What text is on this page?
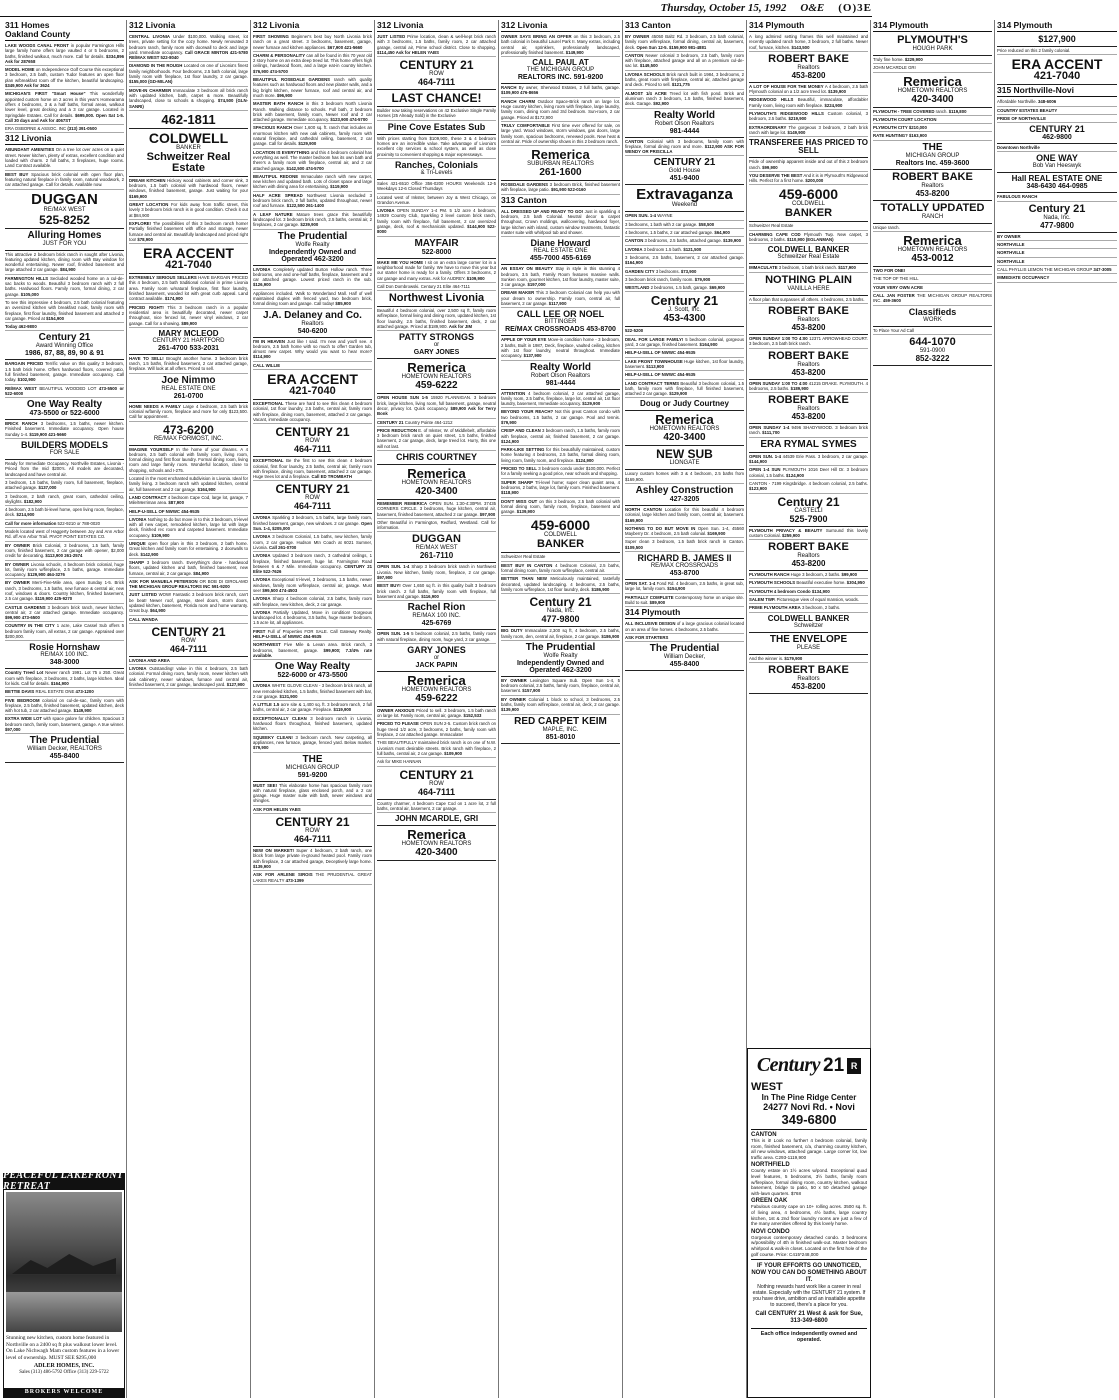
Thursday, October 15, 1992 O&E (O)3E
311 Homes
Oakland County
LAKE WOODS CANAL FRONT in popular Farmington Hills large family home offers large vaulted 4 or 5 bedrooms, 2 baths, finished walkout, much more. Call for details. $334,896 Ask for 287658
MODEL HOME on Independence Golf Course this exceptional 3 bedroom, 2.5 bath, custom Tudor features an open floor plan w/breakfast room off the kitchen, beautiful landscaping. $349,900 Ask for 3624
MICHIGAN'S FIRST "Smart House" This wonderfully appointed custom home on 2 acres in this year's Homearama offers 4 bedrooms, 3 & a half baths, formal areas, walkout lower level, great decking and a 3 car garage. Located in Springdale Estates. Call for details. $695,000. Open Sat 1-5. Call 30 days and Ask for 4067ST
ERA OSBORNE & ASSOC. INC (313) 391-0500
312 Livonia
ABUNDANT AMENITIES On a tree lot over acres on a quiet street. Newer kitchen, plenty of extras, excellent condition and loaded with charm. 2 full baths, 3 fireplaces, huge rooms. Land Contract available.
BEST BUY Spacious brick colonial with open floor plan, featuring natural fireplace in family room, natural woodwork, 2 car attached garage. Call for details. Available now.
DUGGAN
RE/MAX WEST
525-8252
Alluring Homes
JUST FOR YOU
This attractive 2 bedroom brick ranch in sought after Livonia, featuring updated kitchen, dining room with Bay window for wonderful entertaining. Newer roof, finished basement and large attached 2 car garage. $84,900
FARMINGTON HILLS Secluded wooded home on a cul-de-sac backs to woods. Beautiful 3 bedroom ranch with 2 full baths. Hardwood floors. Family room, formal dining, 2 car garage. $105,000
To see this impressive 4 bedroom, 2.5 bath colonial featuring an oversized kitchen with breakfast nook, family room with fireplace, first floor laundry, finished basement and attached 2 car garage. Priced at $154,900
Today 462-9800
Century 21
Award Winning Office
1986, 87, 88, 89, 90 & 91
BARGAIN PRICED Terrific value on this quality 3 bedroom, 1.5 bath brick home. Offers hardwood floors, covered patio, full finished basement, garage. Immediate occupancy. Call today. $102,900
RE/MAX WEST BEAUTIFUL WOODED LOT 473-5500 or 522-6000
One Way Realty
473-5500 or 522-6000
BRICK RANCH 3 bedrooms, 1.5 baths, newer kitchen. Finished basement. Immediate occupancy. Open house Sunday 1-4. $119,900 421-5660
BUILDERS MODELS
FOR SALE
Ready for Immediate Occupancy. Northville Estates, Livonia - Priced from the mid $200's. All models are decorated, landscaped and have central air.
3 bedroom, 1.5 baths, family room, full basement, fireplace, attached garage. $137,000
3 bedroom, 2 bath ranch, great room, cathedral ceiling, skylights. $182,900
4 bedroom, 2.5 bath bi-level home, open living room, fireplace, deck. $214,900
Call for more information 522-9210 or 788-0020
Models located west of Haggerty between Joy and Ann Arbor Rd. off Ann Arbor Trail. PIVOT POINT ESTATES CO.
BY OWNER Brick Colonial, 3 bedrooms, 1.5 bath, family room, finished basement, 2 car garage with opener, $2,000 credit for decorating. $113,900 261-2574
BY OWNER Livonia schools, 4 bedroom brick colonial, huge lot, family room w/fireplace, 2.5 baths, garage. Immediate occupancy. $129,900 464-3276
BY OWNER Merri-Five-Mile area, open Sunday 1-5. Brick ranch, 3 bedrooms, 1.5 baths, new furnace & central air, new roof, windows & doors. Country kitchen, finished basement, 2.5 car garage. $119,900 425-9270
CASTLE GARDENS 3 bedroom brick ranch, newer kitchen, central air, 2 car attached garage. Immediate occupancy. $99,900 473-6500
COUNTRY IN THE CITY 1 acre, Lake Cassel Sub offers 5 bedroom family room, all extras, 2 car garage. Appraised over $200,000.
Rosie Hornshaw
RE/MAX 100 INC.
348-3000
Country Treed Lot Newer ranch 1991. Lot 75 x 250. Great room with fireplace, 3 bedrooms, 2 baths, large kitchen. Ideal for kids. Call for details. $164,900
BETTIE DAVIS REAL ESTATE ONE 473-1200
FIVE BEDROOM colonial on cul-de-sac, family room with fireplace, 2.5 baths, finished basement, updated kitchen, deck with hot tub, 2 car attached garage. $149,900
EXTRA WIDE LOT with space galore for children. Spacious 3 bedroom ranch, family room, basement, garage. A true winner. $97,000
The Prudential
William Decker, REALTORS
455-8400
312 Livonia
CENTRAL LIVONIA Under $100,000. Walking street, lot trees, private setting for the cozy home. Newly renovated 3 bedroom ranch, family room with doorwall to deck and large yard. Immediate occupancy. Call GRACE MINTON 421-5780 RE/MAX WEST 522-8040
DIAMOND IN THE ROUGH Located on one of Livonia's finest family neighborhoods. Four bedrooms, 2.5 bath colonial, large family room with fireplace, 1st floor laundry, 2 car garage. $155,000 (GD-MILAN)
MOVE-IN CHARMER Immaculate 3 bedroom all brick ranch with updated kitchen, bath, carpet & more. Beautifully landscaped, close to schools & shopping. $74,500 (GLN-SANRI)
462-1811
COLDWELL
BANKER
Schweitzer Real Estate
DREAM KITCHEN Hickory wood cabinets and corner sink, 3 bedroom, 1.5 bath colonial with hardwood floors, newer windows, finished basement, garage. Just waiting for you! $169,900
GREAT LOCATION For kids away from traffic street, this lovely 3 bedroom brick ranch is in good condition. Check it out at $84,900
EXPLORE! The possibilities of this 3 bedroom ranch home! Partially finished basement with office and storage, newer furnace and central air. Beautifully landscaped and priced right too! $78,900
ERA ACCENT
421-7040
EXTREMELY SERIOUS SELLERS HAVE BARGAIN PRICED this 4 bedroom, 2.5 bath traditional colonial in prime Livonia area. Family room w/natural fireplace, first floor laundry, finished basement, wooded lot with great curb appeal. Land contract available. $174,900
PRICED RIGHT! This 3 bedroom ranch in a popular residential area is beautifully decorated, newer carpet throughout, nice fenced lot, newer vinyl windows, 2 car garage. Call for a showing. $89,900
MARY MCLEOD
CENTURY 21 HARTFORD
261-4700 533-2031
HAVE TO SELL! Brought another home. 3 bedroom brick ranch, 1.5 baths, finished basement, 2 car attached garage, fireplace. Will look at all offers. Priced to sell.
Joe Nimmo
REAL ESTATE ONE
261-0700
HOME NEEDS A FAMILY Large 4 bedroom, 2.5 bath brick colonial w/family room, fireplace and more for only $123,500. Call for appointment.
473-6200
RE/MAX FORMOST, INC.
IMAGINE YOURSELF In the home of your dreams. A 4 bedroom, 2.5 bath colonial with family room, living room, formal dining and first floor laundry. Formal dining room, living room and large family room. Wonderful location, close to shopping, schools and I-275.
Located in the most enchanted subdivision in Livonia. Ideal for family living. 3 bedroom ranch with updated kitchen, central air, full basement and 2 car garage. $164,900
LAND CONTRACT 4 bedroom Cape Cod, large lot, garage, 7 Mile/Merriman area. $87,900
HELP-U-SELL OF NWWC 454-9535
LIVONIA Nothing to do but move in to this 3 bedroom, tri-level with all new carpet, remodeled kitchen, large lot with large deck, finished rec room and carpeted basement. Immediate occupancy. $109,900
UNIQUE open floor plan in this 3 bedroom, 2 bath home. Great kitchen and family room for entertaining. 2 doorwalls to deck. $142,900
SHARP 3 bedroom ranch. Everything's done - hardwood floors, updated kitchen and bath, finished basement, new furnace, central air, 2 car garage. $84,900
ASK FOR MANUELA PETERSON OR BOB DI GIROLAMO THE MICHIGAN GROUP REALTORS INC 591-9200
JUST LISTED WOW! Fantastic 3 bedroom brick ranch, can't be beat! Newer roof, garage, steel doors, storm doors, updated kitchen, basement, Florida room and home warranty. Great buy. $64,900
CALL WANDA
CENTURY 21
ROW
464-7111
LIVONIA AND AREA
LIVONIA Outstanding! value in this 4 bedroom, 2.5 bath colonial. Formal dining room, family room, newer kitchen with oak cabinetry, newer windows, furnace and central air, finished basement, 2 car garage, landscaped yard. $127,900
312 Livonia
FIRST SHOWING Beginner's best buy North Livonia brick ranch on a great street. 3 bedrooms, basement, garage, newer furnace and kitchen appliances. $67,900 421-5660
CHARM & PERSONALITY can all be found in this 70 year old 2 story home on an extra deep treed lot. This home offers high ceilings, hardwood floors, and a large eat-in country kitchen. $76,900 474-5700
BEAUTIFUL ROSEDALE GARDENS ranch with quality features such as hardwood floors and new plaster walls, and a big bright kitchen, newer furnace, roof and central air, and much more. $96,900
MASTER BATH RANCH in this 3 bedroom North Livonia Ranch. Walking distance to schools. Full bath, 2 bedroom brick with basement, family room, Newer roof and 2 car attached garage. Immediate occupancy. $123,900 474-5700
SPACIOUS RANCH Over 1,600 sq. ft. ranch that includes an enormous kitchen with new oak cabinets, family room with natural fireplace, and cathedral ceiling, basement, 2 car garage. Call for details. $129,900
LOCATION IS EVERYTHING and this 4 bedroom colonial has everything as well. The master bedroom has its own bath and there's a family room with fireplace, central air, and 2 car attached garage. $142,500 474-5700
BEAUTIFUL REDONE Immaculate ranch with new carpet, new kitchen and updated bath. Lots of closet space and large kitchen with dining area for entertaining. $119,900
HALF ACRE SPREAD Northwest Livonia secluded 3 bedroom brick ranch, 2 full baths, updated throughout, newer roof and furnace. $122,500 261-1400
A LEAF NATURE Mature trees grace this beautifully landscaped lot. 3 bedroom brick ranch, 2.5 baths, central air, 2 fireplaces, 2 car garage. $239,900
The Prudential
Wolfe Realty
Independently Owned and Operated 462-3200
LIVONIA Completely updated Burton Hollow ranch. Three bedrooms, one and one-half baths, fireplace, basement and 2 car attached garage. Lowest priced ranch in the sub. $126,900
Appliances included. Walk to Wonderland Mall. Half of well maintained duplex with fenced yard, two bedroom brick, formal dining room and garage. Call today! $85,900
J.A. Delaney and Co.
Realtors
540-6200
I'M IN HEAVEN Just like I said. I'm new and you'll see. 4 bedroom, 2.5 bath home with so much to offer! Garden tub, almost new carpet. Why would you want to hear more? $114,900
CALL WILLIE
ERA ACCENT
421-7040
EXCEPTIONAL These are hard to see this clean 4 bedroom colonial, 1st floor laundry, 2.5 baths, central air, family room with fireplace, dining room, basement, attached 2 car garage. Vacant, immediate occupancy.
CENTURY 21
ROW
464-7111
EXCEPTIONAL Be the first to see this clean 4 bedroom colonial, first floor laundry, 2.5 baths, central air, family room with fireplace, dining room, basement, attached 2 car garage. Huge trees lot and a fireplace. Call ED TROMBATH
CENTURY 21
ROW
464-7111
LIVONIA Sparkling 3 bedroom, 1.5 baths, large family room, finished basement, garage, new windows. 2 car garage. Open Sun. 1-4, $205,000
LIVONIA 3 bedroom Colonial, 1.5 baths, new kitchen, family room, 2 car garage. Hudson Mtn Coach at 6021 Sumner, Livonia. Call 261-0700
LIVONIA Updated 3 bedroom ranch, 3 cathedral ceilings, 1 fireplace, finished basement, huge lot. Farmington Road between 6 & 7 Mile. Immediate occupancy. CENTURY 21 Elite 522-7626
LIVONIA Exceptional tri-level, 3 bedrooms, 1.5 baths, newer windows, family room w/fireplace, central air, garage. Must see! $99,500 474-4503
LIVONIA Sharp 4 bedroom colonial, 2.5 baths, family room with fireplace, new kitchen, deck, 2 car garage.
LIVONIA Partially Updated, Move in condition! Gorgeous landscaped lot. 4 bedrooms, 3.5 baths, huge master bedroom, 1.5 acre lot, all appliances.
FIRST Full of Properties FOR SALE. Call Gateway Realty. HELP-U-SELL of NWWC 454-9535
NORTHWEST Five Mile & Levan area. Brick ranch, 3 bedrooms, basement, garage. $99,900; 7.3/4% rate available.
One Way Realty
522-6000 or 473-5500
LIVONIA WHITE GLOVE CLEAN - 3 bedroom brick ranch, all new remodeled kitchen, 1.5 baths, finished basement with bar, 2 car garage. $131,900
A LITTLE 1.5 acre site & 1,400 sq. ft. 3 bedroom ranch, 2 full baths, central air, 2 car garage. Fireplace. $119,900
EXCEPTIONALLY CLEAN 3 bedroom ranch in Livonia, hardwood floors throughout, finished basement, updated kitchen.
SQUEEKY CLEAN! 3 bedroom ranch. New carpeting, all appliances, new furnace, garage, fenced yard. Below market. $79,900
THE
MICHIGAN GROUP
591-9200
MUST SEE! This elaborate home has spacious family room with natural fireplace, glass enclosed porch, and a 2 car garage. Huge master suite with bath, newer windows and shingles.
ASK FOR HELEN YABS
CENTURY 21
ROW
464-7111
NEW ON MARKET! Super 4 bedroom, 2 bath ranch, one block from large private in-ground heated pool. Family room with fireplace, 3 car attached garage, Deceptively large home. $139,900
ASK FOR ARLENE SIROIS THE PRUDENTIAL GREAT LAKES REALTY 473-1399
312 Livonia
JUST LISTED Prime location, clean & well-kept brick ranch with 3 bedrooms, 1.5 baths, family room, 2 car attached garage, central air, Prime school district. Close to shopping. $114,450 Ask for HELEN YABS
CENTURY 21
ROW
464-7111
LAST CHANCE!
Builder now taking reservations on 42 Exclusive Single Family Homes (25 Already Sold) in the Exclusive
Pine Cove Estates Sub
With prices starting from $109,900, these 3 & 4 bedroom homes are an incredible value. Take advantage of Livonia's excellent city services & school system, as well as close proximity to convenient shopping & major expressways.
Ranches, Colonials
& Tri-Levels
Sales 421-6510 Office 356-0200 HOURS Weekends 12-5 Weekdays 12-6 Closed Thursdays
Located west of Inkster, between Joy & West Chicago, on Grandon Avenue.
LIVONIA OPEN SUNDAY 1-4 PM. 5 1/2 acre 4 bedroom, 14929 Country Club, Sparkling 2 level custom brick ranch, family room with fireplace, full basement, 2 car oversized garage, deck, roof & mechanicals updated. $144,900 522-8000
MAYFAIR
522-8000
MAKE ME YOU HOME I sit on an extra large corner lot in a neighborhood made for family. We have to move this year but our starter home is ready for a family. Offers 3 bedrooms, 2 car garage and many extras. Ask for AUDREY. $109,900
Call Don Dombrowski. Century 21 Elite 464-7111
Northwest Livonia
Beautiful 4 bedroom colonial, over 2,500 sq ft, family room w/fireplace, formal living and dining room, updated kitchen, 1st floor laundry, 2.5 baths, finished basement, deck, 2 car attached garage. Priced at $189,900. Ask for JIM
PATTY STRONGS
or
GARY JONES
Remerica
HOMETOWN REALTORS
459-6222
OPEN HOUSE SUN 1-5 15920 FLANNIGAN. 3 bedroom brick, large kitchen, living room, full basement, garage, neutral decor, privacy lot. Quick occupancy. $89,900 Ask for Terry Bonk
CENTURY 21 Country Pointe 464-1212
PRICE REDUCTION E. of Inkster, W. of Middlebelt, affordable 3 bedroom brick ranch on quiet street, 1.5 baths, finished basement, 2 car garage, deck, large treed lot. Hurry, this one will not last.
CHRIS COURTNEY
Remerica
HOMETOWN REALTORS
420-3400
REMEMBER REMERICA OPEN SUN. 1:30-4:30PM. 37435 CORNERS CIRCLE. 3 bedrooms, huge kitchen, central air, basement, finished basement, attached 2 car garage. $97,900
Other Beautiful in Farmington, Redford, Westland. Call for information.
DUGGAN
RE/MAX WEST
261-7110
OPEN SUN. 1-4 Sharp 3 bedroom brick ranch in Northwest Livonia. New kitchen, family room, fireplace, 2 car garage. $97,900
BEST BUY! Over 1,650 sq ft. in this quality built 3 bedroom brick ranch. 2 full baths, family room with fireplace, full basement and garage. $116,900
Rachel Rion
RE/MAX 100 INC.
425-6769
OPEN SUN. 1-5 5 bedroom colonial, 2.5 baths, family room with natural fireplace, dining room, huge yard, 2 car garage.
GARY JONES
or
JACK PAPIN
Remerica
HOMETOWN REALTORS
459-6222
OWNER ANXIOUS Priced to sell. 3 bedroom, 1.5 bath ranch on large lot. Family room, central air, garage. $152,533
PRICED TO PLEASE OPEN SUN 2-5. Custom brick ranch on huge treed 1/2 acre, 3 bedrooms, 2 baths, family room with fireplace, 2 car attached garage. Immaculate!
THIS BEAUTIFULLY maintained brick ranch is on one of N.W. Livonia's most desirable streets. Brick ranch with fireplace, 2 full baths, central air, 2 car garage. $109,900
Ask for MIKE HANNAN
CENTURY 21
ROW
464-7111
Country charmer, 4 bedroom Cape Cod on 1 acre lot, 2 full baths, central air, basement, 2 car garage.
JOHN MCARDLE, GRI
Remerica
HOMETOWN REALTORS
420-3400
312 Livonia
OWNER SAYS BRING AN OFFER on this 3 bedroom, 2.5 bath colonial in beautiful Laurel Park II. Many extras, including central air, sprinklers, professionally landscaped, professionally finished basement. $149,900
CALL PAUL AT
THE MICHIGAN GROUP
REALTORS INC. 591-9200
RANCH By owner, Sherwood Estates, 2 full baths, garage. $109,900 476-8656
RANCH CHARM Outdoor Space-Brick ranch on large lot. Huge country kitchen, living room with fireplace, large laundry, family room, dining room and 3rd bedroom. Sun-room, 2 car garage. Priced at $172,900
TRULY COMFORTABLE First time ever offered for sale, on large yard. Wood windows, storm windows, gas doors, large family room, spacious bedrooms, renewed pools. New heat & central air. Pride of ownership shows in this 2 bedroom ranch.
Remerica
SUBURBAN REALTORS
261-1600
ROSEDALE GARDENS 3 bedroom Brick, finished basement with fireplace, large patio. $91,900 522-0160
313 Canton
ALL DRESSED UP AND READY TO GO! Just in sparkling 4 bedroom, 2.5 bath Colonial. Neutral decor & carpet throughout, Crown moldings, wallcovering, hardwood foyer, large kitchen with island, custom window treatments, fantastic master suite with whirlpool tub and shower.
Diane Howard
REAL ESTATE ONE
455-7000 455-6169
AN ESSAY ON BEAUTY Stay in style in this stunning 4 bedroom, 3.5 bath, Family Room features massive walls. Sunken room, gourmet kitchen, 1st floor laundry, master suite, 3 car garage. $197,000
DREAM MAKER This 3 bedroom Colonial can help you with your dream to ownership. Family room, central air, full basement, 2 car garage. $117,900
CALL LEE OR NOEL
BITTINGER
RE/MAX CROSSROADS 453-8700
APPLE OF YOUR EYE Move-in condition home - 3 bedroom, 2 baths, Built in 1987, Deck, fireplace, vaulted ceiling, kitchen with 1st floor laundry, neutral throughout. Immediate occupancy. $137,900
Realty World
Robert Olson Realtors
981-4444
ATTENTION 4 bedroom colonial, 2 car attached garage, family room, 2.5 baths, fireplace, large lot, central air, 1st floor laundry, basement, Immediate occupancy. $129,900
BEYOND YOUR REACH? Not this great Canton condo with two bedrooms, 1.5 baths, 2 car garage. Pool and tennis. $79,900
CRISP AND CLEAN 3 bedroom ranch, 1.5 baths, family room with fireplace, central air, finished basement, 2 car garage. $124,900
PARK-LIKE SETTING for this beautifully maintained, custom home featuring 4 bedrooms, 2.5 baths, formal dining room, living room, family room, and fireplace. $124,900
PRICED TO SELL 3 bedroom condo under $100,000. Perfect for a family seeking a good price, near schools and shopping.
SUPER SHARP Tri-level home; super clean quaint area, 4 bedrooms, 2 baths, large lot, family room. Finished basement. $118,900
DON'T MISS OUT on this 3 bedroom, 2.5 bath colonial with formal dining room, family room, fireplace, basement and garage. $139,900
459-6000
COLDWELL
BANKER
Schweitzer Real Estate
BEST BUY IN CANTON 4 bedroom Colonial, 2.5 baths, formal dining room, family room w/fireplace, central air.
BETTER THAN NEW Meticulously maintained, tastefully decorated, updated landscaping. 4 bedrooms, 2.5 baths, family room w/fireplace, 1st floor laundry, deck. $186,900
Century 21
Nada, Inc.
477-9800
BIG DUTY Immaculate 2,300 sq ft, 4 bedroom, 2.5 baths, family room, den, central air, fireplace, 2 car garage. $186,900
The Prudential
Wolfe Realty
Independently Owned and Operated 462-3200
BY OWNER Lexington Square Sub. Open Sun 1-4, 5 bedroom colonial, 2.5 baths, family room, fireplace, central air, basement. $157,900
BY OWNER Colonial 1 block to school, 3 bedrooms, 2.5 baths, family room w/fireplace, central air, deck, 2 car garage. $139,900
RED CARPET KEIM
MAPLE, INC.
851-8010
313 Canton
BY OWNER 45050 Baltz Rd. 3 bedroom, 2.5 bath colonial, family room w/fireplace, formal dining, central air, basement, deck. Open Sun 12-5. $159,900 981-4881
CANTON Newer colonial 3 bedroom, 2.5 bath, family room with fireplace, attached garage and all on a premium cul-de-sac lot. $149,500
LIVONIA SCHOOLS Brick ranch built in 1984, 3 bedrooms, 2 baths, great room with fireplace, central air, attached garage and deck. Priced to sell. $121,775
ALMOST 1/4 ACRE Treed lot with fish pond. Brick and aluminum ranch 3 bedroom, 1.5 baths, finished basement, deck. Garage. $92,900
Realty World
Robert Olson Realtors
981-4444
CANTON Colonial with 3 bedrooms, family room with fireplace, formal dining room and more. $112,900 ASK FOR WENDY OR PRISCILLA
CENTURY 21
Gold House
451-9400
Extravaganza
Weekend
OPEN SUN. 1-4 WAYNE
3 bedrooms, 1 bath with 2 car garage. $58,500
4 bedrooms, 1.5 baths, 2 car attached garage. $64,900
CANTON 3 bedrooms, 2.5 baths, attached garage. $139,900
LIVONIA 3 bedroom 1.5 bath. $121,500
3 bedrooms, 2.5 baths, basement, 2 car attached garage. $164,900
GARDEN CITY 3 bedrooms. $73,900
3 bedroom brick ranch, family room. $79,900
WESTLAND 2 bedrooms, 1.5 bath, garage. $69,900
Century 21
J. Scott, Inc.
453-4300
522-5200
DEAL FOR LARGE FAMILY! 5 bedroom colonial, gorgeous yard, 3 car garage, finished basement. $164,900
HELP-U-SELL OF NWWC 454-9535
LAKE FRONT TOWNHOUSE Huge kitchen, 1st floor laundry, basement. $113,900
HELP-U-SELL OF NWWC 454-9535
LAND CONTRACT TERMS Beautiful 3 bedroom colonial, 1.5 bath, family room with fireplace, full finished basement, attached 2 car garage. $129,900
Doug or Judy Courtney
Remerica
HOMETOWN REALTORS
420-3400
NEW SUB
LIONGATE
Luxury custom homes with 3 & 4 bedroom, 2.5 baths from $169,900.
Ashley Construction
427-3205
NORTH CANTON Location for this beautiful 4 bedroom colonial, large kitchen and family room, central air, basement. $169,900
NOTHING TO DO BUT MOVE IN Open Sun. 1-4, 45560 Mayberry Dr. 4 bedroom, 2.5 bath colonial. $169,900
Super clean 3 bedroom, 1.5 bath brick ranch in Canton. $109,500
RICHARD B. JAMES II
RE/MAX CROSSROADS
453-8700
OPEN SAT. 1-4 Fond Rd. 4 bedroom, 2.5 baths, in great sub, large lot, family room. $154,900
PARTIALLY COMPLETE Contemporary home on unique site. Build to suit. $89,900
314 Plymouth
ALL INCLUSIVE DESIGN of a large gracious colonial located on an area of fine homes. 4 bedrooms, 2.5 baths.
ASK FOR STARTERS
The Prudential
William Decker,
455-8400
314 Plymouth
A long admired setting frames this well maintained and recently updated ranch home, 3 bedroom, 2 full baths. Newer roof, furnace, kitchen. $143,500
ROBERT BAKE
Realtors
453-8200
A LOT OF HOUSE FOR THE MONEY A 4 bedroom, 2.5 bath Plymouth colonial on a 1/2 acre treed lot. $139,900
RIDGEWOOD HILLS Beautiful, immaculate, affordable! Family room, living room with fireplace. $224,900
PLYMOUTH'S RIDGEWOOD HILLS Custom colonial, 3 bedroom, 2.5 baths. $219,900
EXTRAORDINARY The gorgeous 3 bedroom, 2 bath brick ranch with large lot. $149,900
TRANSFEREE HAS PRICED TO SELL
Pride of ownership apparent inside and out of this 2 bedroom ranch. $99,900
YOU DESERVE THE BEST And it is in Plymouth's Ridgewood Hills. Perfect for a first home. $200,000
459-6000
COLDWELL
BANKER
Schweitzer Real Estate
CHARMING CAPE COD Plymouth Twp. New carpet, 3 bedrooms, 2 baths. $110,900 (EGLANMAN)
COLDWELL BANKER
Schweitzer Real Estate
IMMACULATE 3 bedroom, 1 bath brick ranch. $117,900
NOTHING PLAIN
VANILLA HERE
A floor plan that surpasses all others. 4 bedrooms, 2.5 baths.
ROBERT BAKE
Realtors
453-8200
OPEN SUNDAY 1:00 TO 4:00 12371 ARROWHEAD COURT. 3 bedroom, 2.5 bath brick ranch.
ROBERT BAKE
Realtors
453-8200
OPEN SUNDAY 1:00 TO 4:00 41215 DRAKE. PLYMOUTH. 4 bedrooms, 2.5 baths. $189,900
ROBERT BAKE
Realtors
453-8200
OPEN SUNDAY 1-4 9496 SHADYWOOD. 3 bedroom brick ranch. $111,700
ERA RYMAL SYMES
OPEN SUN. 1-4 44539 Erie Pass. 3 bedroom, 2 car garage. $144,900
OPEN 1-4 SUN PLYMOUTH 1016 Deer Hill Dr. 3 bedroom colonial, 1.5 baths. $124,900
CANTON - 7199 Kingsbridge. 4 bedroom colonial, 2.5 baths. $123,900
Century 21
CASTELLI
525-7900
PLYMOUTH PRIVACY & BEAUTY Surround this lovely custom Colonial. $259,900
ROBERT BAKE
Realtors
453-8200
PLYMOUTH RANCH Huge 3 bedroom, 2 baths. $99,900
PLYMOUTH SCHOOLS Beautiful executive home. $304,950
PLYMOUTH 4 bedroom Condo $134,900
SALEM TWP. Picturesque view of equal mansion, woods.
PRIME PLYMOUTH AREA 3 bedroom, 2 baths.
COLDWELL BANKER
Schweitzer
THE ENVELOPE
PLEASE
And the winner is. $179,900
ROBERT BAKE
Realtors
453-8200
314 Plymouth
PLYMOUTH'S
HOUGH PARK
Truly fine home. $229,900
JOHN MCARDLE GRI
Remerica
HOMETOWN REALTORS
420-3400
PLYMOUTH - TREE COVERED ranch. $119,800
PLYMOUTH COURT LOCATION
PLYMOUTH CITY $210,000
RATE HUNTING? $163,900
THE
MICHIGAN GROUP
Realtors Inc. 459-3600
ROBERT BAKE
Realtors
453-8200
TOTALLY UPDATED
RANCH
Unique ranch.
Remerica
HOMETOWN REALTORS
453-0012
TWO FOR ONE!
THE TOP OF THE HILL
YOUR VERY OWN ACRE
CALL JAN FOSTER THE MICHIGAN GROUP REALTORS INC. 459-3600
Classifieds
WORK
To Place Your Ad Call
644-1070
591-0900
852-3222
314 Plymouth
$127,900
Price reduced on this 2 family colonial.
ERA ACCENT
421-7040
315 Northville-Novi
Affordable Northville. 348-6006
COUNTRY ESTATES BEAUTY
PRIDE OF NORTHVILLE
CENTURY 21
462-9800
Downtown Northville
ONE WAY
Bob Van Heeswyk
Hall REAL ESTATE ONE
348-6430 464-0985
FABULOUS RANCH
Century 21
Nada, Inc.
477-9800
BY OWNER
NORTHVILLE
NORTHVILLE
NORTHVILLE
CALL PHYLLIS LEMON THE MICHIGAN GROUP 347-3005
IMMEDIATE OCCUPANCY
PEACEFUL LAKEFRONT RETREAT
Stunning new kitchen, custom home featured in Northville on a 2400 sq ft plus walkout lower level. On Lake Nichwagh Mam custom features in a lower level of ownership. MUST SEE $295,000
ADLER HOMES, INC.
Sales (313) 486-5792 Office (313) 229-5722
BROKERS WELCOME
Century 21 R
WEST
In The Pine Ridge Center
24277 Novi Rd. • Novi
349-6800
CANTON
This is it! Look no further! 4 bedroom colonial, family room, finished basement, c/a, charming country kitchen, all new windows, attached garage. Large corner lot, low traffic area. C293-1119,900
NORTHFIELD
County estate on 1½ acres w/pond. Exceptional quad level features, 5 bedrooms, 3½ baths, family room w/fireplace, formal dining room, country kitchen, walkout basement, bridge to patio, 50 x 50 detached garage with-lawn quarters. $768
GREEN OAK
Fabulous country cape on 10+ rolling acres. 3500 sq. ft. of living area, 4 bedrooms, 4½ baths, large country kitchen, 1st & 2nd floor laundry rooms are just a few of the many amenities offered by this lovely home.
NOVI CONDO
Gorgeous contemporary detached condo. 3 bedrooms w/possibility of 4th in finished walk-out. Master bedroom whirlpool & walk-in closet. Located on the first hole of the golf course. Price: C415*248,000
IF YOUR EFFORTS GO UNNOTICED, NOW YOU CAN DO SOMETHING ABOUT IT.
Nothing rewards hard work like a career in real estate. Especially with the CENTURY 21 system. If you have drive, ambition and an insatiable appetite to succeed, there's a place for you.
Call CENTURY 21 West & ask for Sue, 313-349-6800
Each office independently owned and operated.
